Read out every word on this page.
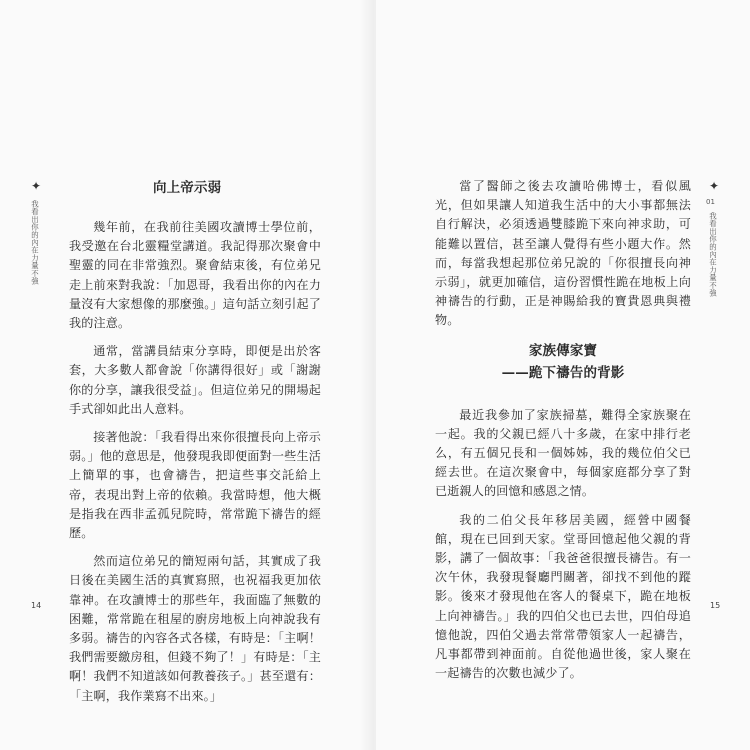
✦
我看出你的內在力量不強
向上帝示弱

幾年前，在我前往美國攻讀博士學位前，我受邀在台北靈糧堂講道。我記得那次聚會中聖靈的同在非常強烈。聚會結束後，有位弟兄走上前來對我說：「加恩哥，我看出你的內在力量沒有大家想像的那麼強。」這句話立刻引起了我的注意。

通常，當講員結束分享時，即便是出於客套，大多數人都會說「你講得很好」或「謝謝你的分享，讓我很受益」。但這位弟兄的開場起手式卻如此出人意料。

接著他說：「我看得出來你很擅長向上帝示弱。」他的意思是，他發現我即便面對一些生活上簡單的事，也會禱告，把這些事交託給上帝，表現出對上帝的依賴。我當時想，他大概是指我在西非孟孤兒院時，常常跪下禱告的經歷。

然而這位弟兄的簡短兩句話，其實成了我日後在美國生活的真實寫照，也祝福我更加依靠神。在攻讀博士的那些年，我面臨了無數的困難，常常跪在租屋的廚房地板上向神說我有多弱。禱告的內容各式各樣，有時是：「主啊！我們需要繳房租，但錢不夠了！」有時是：「主啊！我們不知道該如何教養孩子。」甚至還有：「主啊，我作業寫不出來。」

14

當了醫師之後去攻讀哈佛博士，看似風光，但如果讓人知道我生活中的大小事都無法自行解決，必須透過雙膝跪下來向神求助，可能難以置信，甚至讓人覺得有些小題大作。然而，每當我想起那位弟兄說的「你很擅長向神示弱」，就更加確信，這份習慣性跪在地板上向神禱告的行動，正是神賜給我的寶貴恩典與禮物。

家族傳家寶
——跪下禱告的背影

最近我參加了家族掃墓，難得全家族聚在一起。我的父親已經八十多歲，在家中排行老么，有五個兄長和一個姊姊，我的幾位伯父已經去世。在這次聚會中，每個家庭都分享了對已逝親人的回憶和感恩之情。

我的二伯父長年移居美國，經營中國餐館，現在已回到天家。堂哥回憶起他父親的背影，講了一個故事：「我爸爸很擅長禱告。有一次午休，我發現餐廳門關著，卻找不到他的蹤影。後來才發現他在客人的餐桌下，跪在地板上向神禱告。」我的四伯父也已去世，四伯母追憶他說，四伯父過去常常帶領家人一起禱告，凡事都帶到神面前。自從他過世後，家人聚在一起禱告的次數也減少了。

✦
01
我看出你的內在力量不強
15
